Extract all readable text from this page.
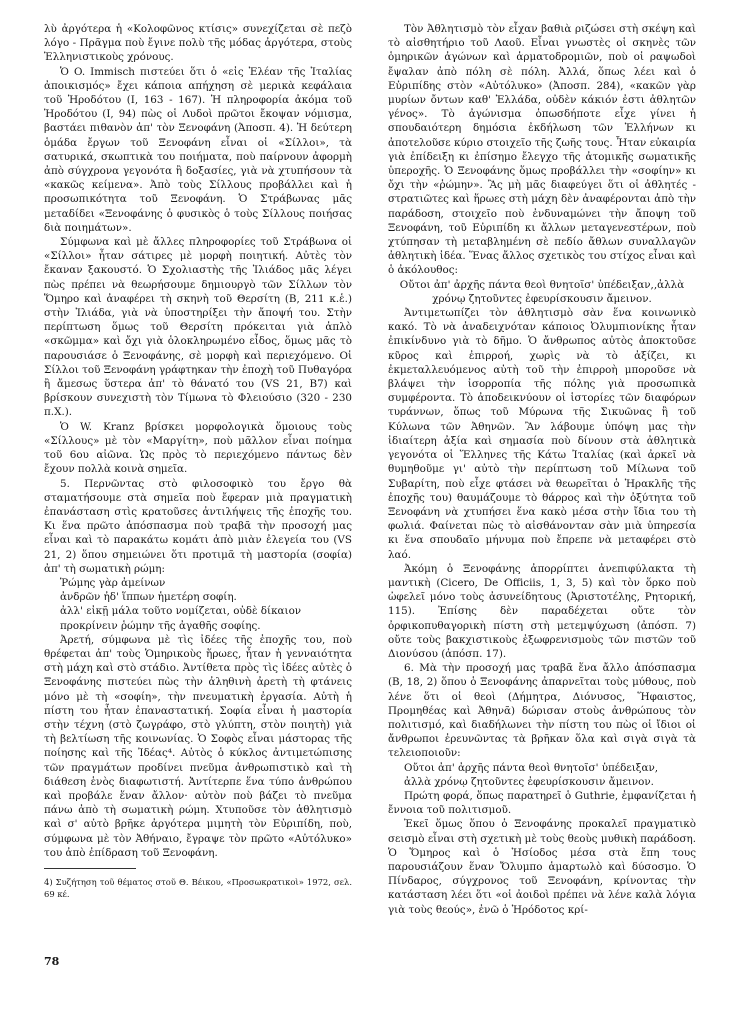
λὺ ἀργότερα ἡ «Κολοφῶνος κτίσις» συνεχίζεται σὲ πεζὸ λόγο - Πρᾶγμα ποὺ ἔγινε πολὺ τῆς μόδας ἀργότερα, στοὺς Ἑλληνιστικοὺς χρόνους.

Ὁ O. Immisch πιστεύει ὅτι ὁ «εἰς Ἐλέαν τῆς Ἰταλίας ἀποικισμός» ἔχει κάποια απήχηση σὲ μερικὰ κεφάλαια τοῦ Ἡροδότου (I, 163 - 167). Ἡ πληροφορία ἀκόμα τοῦ Ἡροδότου (I, 94) πὼς οἱ Λυδοὶ πρῶτοι ἔκοψαν νόμισμα, βαστάει πιθανὸν ἀπ' τὸν Ξενοφάνη (Ἀποσπ. 4). Ἡ δεύτερη ὁμάδα ἔργων τοῦ Ξενοφάνη εἶναι οἱ «Σίλλοι», τὰ σατυρικά, σκωπτικὰ του ποιήματα, ποὺ παίρνουν ἀφορμὴ ἀπὸ σύγχρονα γεγονότα ἢ δοξασίες, γιὰ νὰ χτυπήσουν τὰ «κακῶς κείμενα». Ἀπὸ τοὺς Σίλλους προβάλλει καὶ ἡ προσωπικότητα τοῦ Ξενοφάνη. Ὁ Στράβωνας μᾶς μεταδίδει «Ξενοφάνης ὁ φυσικὸς ὁ τοὺς Σίλλους ποιήσας διὰ ποιημάτων».

Σύμφωνα καὶ μὲ ἄλλες πληροφορίες τοῦ Στράβωνα οἱ «Σίλλοι» ἦταν σάτιρες μὲ μορφὴ ποιητική. Αὐτὲς τὸν ἔκαναν ξακουστό. Ὁ Σχολιαστὴς τῆς Ἰλιάδος μᾶς λέγει πὼς πρέπει νὰ θεωρήσουμε δημιουργὸ τῶν Σίλλων τὸν Ὅμηρο καὶ ἀναφέρει τὴ σκηνὴ τοῦ Θερσίτη (Β, 211 κ.ἑ.) στὴν Ἰλιάδα, γιὰ νὰ ὑποστηρίξει τὴν ἄποψή του. Στὴν περίπτωση ὅμως τοῦ Θερσίτη πρόκειται γιὰ ἁπλὸ «σκῶμμα» καὶ ὄχι γιὰ ὁλοκληρωμένο εἶδος, ὅμως μᾶς τὸ παρουσιάσε ὁ Ξενοφάνης, σὲ μορφὴ καὶ περιεχόμενο. Οἱ Σίλλοι τοῦ Ξενοφάνη γράφτηκαν τὴν ἐποχὴ τοῦ Πυθαγόρα ἢ ἄμεσως ὕστερα ἀπ' τὸ θάνατό του (VS 21, B7) καὶ βρίσκουν συνεχιστὴ τὸν Τίμωνα τὸ Φλειούσιο (320 - 230 π.Χ.).

Ὁ W. Kranz βρίσκει μορφολογικὰ ὅμοιους τοὺς «Σίλλους» μὲ τὸν «Μαργίτη», ποὺ μᾶλλον εἶναι ποίημα τοῦ 6ου αἰῶνα. Ὡς πρὸς τὸ περιεχόμενο πάντως δὲν ἔχουν πολλὰ κοινὰ σημεῖα.

5. Περνῶντας στὸ φιλοσοφικὸ του ἔργο θὰ σταματήσουμε στὰ σημεῖα ποὺ ἔφεραν μιὰ πραγματικὴ ἐπανάσταση στὶς κρατοῦσες ἀντιλήψεις τῆς ἐποχῆς του. Κι ἕνα πρῶτο ἀπόσπασμα ποὺ τραβᾶ τὴν προσοχή μας εἶναι καὶ τὸ παρακάτω κομάτι ἀπὸ μιὰν ἐλεγεία του (VS 21, 2) ὅπου σημειώνει ὅτι προτιμᾶ τὴ μαστορία (σοφία) ἀπ' τὴ σωματικὴ ρώμη:

Ῥώμης γὰρ ἀμείνων
ἀνδρῶν ἠδ' ἵππων ἡμετέρη σοφίη.
ἀλλ' εἰκῇ μάλα τοῦτο νομίζεται, οὐδὲ δίκαιον
προκρίνειν ῥώμην τῆς ἀγαθῆς σοφίης.

Ἀρετή, σύμφωνα μὲ τὶς ἰδέες τῆς ἐποχῆς του, ποὺ θρέφεται ἀπ' τοὺς Ὁμηρικοὺς ἥρωες, ἦταν ἡ γενναιότητα στὴ μάχη καὶ στὸ στάδιο. Ἀντίθετα πρὸς τὶς ἰδέες αὐτὲς ὁ Ξενοφάνης πιστεύει πὼς τὴν ἀληθινὴ ἀρετὴ τὴ φτάνεις μόνο μὲ τὴ «σοφίη», τὴν πνευματικὴ ἐργασία. Αὐτὴ ἡ πίστη του ἦταν ἐπαναστατική. Σοφία εἶναι ἡ μαστορία στὴν τέχνη (στὸ ζωγράφο, στὸ γλύπτη, στὸν ποιητὴ) γιὰ τὴ βελτίωση τῆς κοινωνίας. Ὁ Σοφὸς εἶναι μάστορας τῆς ποίησης καὶ τῆς Ἰδέας⁴. Αὐτὸς ὁ κύκλος ἀντιμετώπισης τῶν πραγμάτων προδίνει πνεῦμα ἀνθρωπιστικὸ καὶ τὴ διάθεση ἑνὸς διαφωτιστή. Ἀντίτερπε ἕνα τύπο ἀνθρώπου καὶ προβάλε ἕναν ἄλλον· αὐτὸν ποὺ βάζει τὸ πνεῦμα πάνω ἀπὸ τὴ σωματικὴ ρώμη. Χτυποῦσε τὸν ἀθλητισμὸ καὶ σ' αὐτὸ βρῆκε ἀργότερα μιμητὴ τὸν Εὐριπίδη, ποὺ, σύμφωνα μὲ τὸν Ἀθήναιο, ἔγραψε τὸν πρῶτο «Αὐτόλυκο» του ἀπὸ ἐπίδραση τοῦ Ξενοφάνη.

4) Συζήτηση τοῦ θέματος στοῦ Θ. Βέικου, «Προσωκρατικοὶ» 1972, σελ. 69 κέ.

78

Τὸν Ἀθλητισμὸ τὸν εἶχαν βαθιὰ ριζώσει στὴ σκέψη καὶ τὸ αἰσθητήριο τοῦ Λαοῦ. Εἶναι γνωστὲς οἱ σκηνὲς τῶν ὁμηρικῶν ἀγώνων καὶ ἁρματοδρομιῶν, ποὺ οἱ ραψωδοὶ ἔψαλαν ἀπὸ πόλη σὲ πόλη. Ἀλλά, ὅπως λέει καὶ ὁ Εὐριπίδης στὸν «Αὐτόλυκο» (Ἀποσπ. 284), «κακῶν γὰρ μυρίων ὄντων καθ' Ἑλλάδα, οὐδὲν κάκιόν ἐστι ἀθλητῶν γένος». Τὸ ἀγώνισμα ὁπωσδήποτε εἶχε γίνει ἡ σπουδαιότερη δημόσια ἐκδήλωση τῶν Ἑλλήνων κι ἀποτελοῦσε κύριο στοιχεῖο τῆς ζωῆς τους. Ἦταν εὐκαιρία γιὰ ἐπίδειξη κι ἐπίσημο ἔλεγχο τῆς ἀτομικῆς σωματικῆς ὑπεροχῆς. Ὁ Ξενοφάνης ὅμως προβάλλει τὴν «σοφίην» κι ὄχι τὴν «ῥώμην». Ἂς μὴ μᾶς διαφεύγει ὅτι οἱ ἀθλητές - στρατιῶτες καὶ ἥρωες στὴ μάχη δὲν ἀναφέρονται ἀπὸ τὴν παράδοση, στοιχεῖο ποὺ ἐνδυναμώνει τὴν ἄποψη τοῦ Ξενοφάνη, τοῦ Εὐριπίδη κι ἄλλων μεταγενεστέρων, ποὺ χτύπησαν τὴ μεταβλημένη σὲ πεδίο ἄθλων συναλλαγῶν ἀθλητικὴ ἰδέα. Ἕνας ἄλλος σχετικὸς του στίχος εἶναι καὶ ὁ ἀκόλουθος:

Οὔτοι ἀπ' ἀρχῆς πάντα θεοὶ θνητοῖσ' ὑπέδειξαν,,ἀλλὰ χρόνῳ ζητοῦντες ἐφευρίσκουσιν ἄμεινον.

Ἀντιμετωπίζει τὸν ἀθλητισμὸ σὰν ἕνα κοινωνικὸ κακό. Τὸ νὰ ἀναδειχνόταν κάποιος Ὀλυμπιονίκης ἦταν ἐπικίνδυνο γιὰ τὸ δῆμο. Ὁ ἄνθρωπος αὐτὸς ἀποκτοῦσε κῦρος καὶ ἐπιρροή, χωρὶς νὰ τὸ ἀξίζει, κι ἐκμεταλλευόμενος αὐτὴ τοῦ τὴν ἐπιρροὴ μποροῦσε νὰ βλάψει τὴν ἰσορροπία τῆς πόλης γιὰ προσωπικὰ συμφέροντα. Τὸ ἀποδεικνύουν οἱ ἱστορίες τῶν διαφόρων τυράννων, ὅπως τοῦ Μύρωνα τῆς Σικυῶνας ἢ τοῦ Κύλωνα τῶν Ἀθηνῶν. Ἂν λάβουμε ὑπόψη μας τὴν ἰδιαίτερη ἀξία καὶ σημασία ποὺ δίνουν στὰ ἀθλητικὰ γεγονότα οἱ Ἕλληνες τῆς Κάτω Ἰταλίας (καὶ ἀρκεῖ νὰ θυμηθοῦμε γι' αὐτὸ τὴν περίπτωση τοῦ Μίλωνα τοῦ Συβαρίτη, ποὺ εἶχε φτάσει νὰ θεωρεῖται ὁ Ἡρακλῆς τῆς ἐποχῆς του) θαυμάζουμε τὸ θάρρος καὶ τὴν ὀξύτητα τοῦ Ξενοφάνη νὰ χτυπήσει ἕνα κακὸ μέσα στὴν ἴδια του τὴ φωλιά. Φαίνεται πὼς τὸ αἰσθάνονταν σὰν μιὰ ὑπηρεσία κι ἕνα σπουδαῖο μήνυμα ποὺ ἔπρεπε νὰ μεταφέρει στὸ λαό.

Ἀκόμη ὁ Ξενοφάνης ἀπορρίπτει ἀνεπιφύλακτα τὴ μαντικὴ (Cicero, De Officiis, 1, 3, 5) καὶ τὸν ὅρκο ποὺ ὠφελεῖ μόνο τοὺς ἀσυνείδητους (Ἀριστοτέλης, Ρητορική, 115). Ἐπίσης δὲν παραδέχεται οὔτε τὸν ὀρφικοπυθαγορικὴ πίστη στὴ μετεμψύχωση (ἀπόσπ. 7) οὔτε τοὺς βακχιστικοὺς ἐξωφρενισμοὺς τῶν πιστῶν τοῦ Διονύσου (ἀπόσπ. 17).

6. Μὰ τὴν προσοχή μας τραβᾶ ἕνα ἄλλο ἀπόσπασμα (Β, 18, 2) ὅπου ὁ Ξενοφάνης ἀπαρνεῖται τοὺς μύθους, ποὺ λένε ὅτι οἱ θεοὶ (Δήμητρα, Διόνυσος, Ἥφαιστος, Προμηθέας καὶ Ἀθηνᾶ) δώρισαν στοὺς ἀνθρώπους τὸν πολιτισμό, καὶ διαδήλωνει τὴν πίστη του πὼς οἱ ἴδιοι οἱ ἄνθρωποι ἐρευνῶντας τὰ βρῆκαν ὅλα καὶ σιγὰ σιγὰ τὰ τελειοποιοῦν:

Οὔτοι ἀπ' ἀρχῆς πάντα θεοὶ θνητοῖσ' ὑπέδειξαν,
ἀλλὰ χρόνῳ ζητοῦντες ἐφευρίσκουσιν ἄμεινον.

Πρώτη φορά, ὅπως παρατηρεῖ ὁ Guthrie, ἐμφανίζεται ἡ ἔννοια τοῦ πολιτισμοῦ.

Ἐκεῖ ὅμως ὅπου ὁ Ξενοφάνης προκαλεῖ πραγματικὸ σεισμὸ εἶναι στὴ σχετικὴ μὲ τοὺς θεοὺς μυθικὴ παράδοση. Ὁ Ὅμηρος καὶ ὁ Ἡσίοδος μέσα στὰ ἔπη τους παρουσιάζουν ἕναν Ὄλυμπο ἁμαρτωλὸ καὶ δύσοσμο. Ὁ Πίνδαρος, σύγχρονος τοῦ Ξενοφάνη, κρίνοντας τὴν κατάσταση λέει ὅτι «οἱ ἀοιδοὶ πρέπει νὰ λένε καλὰ λόγια γιὰ τοὺς θεούς», ἐνῶ ὁ Ἡρόδοτος κρί-
